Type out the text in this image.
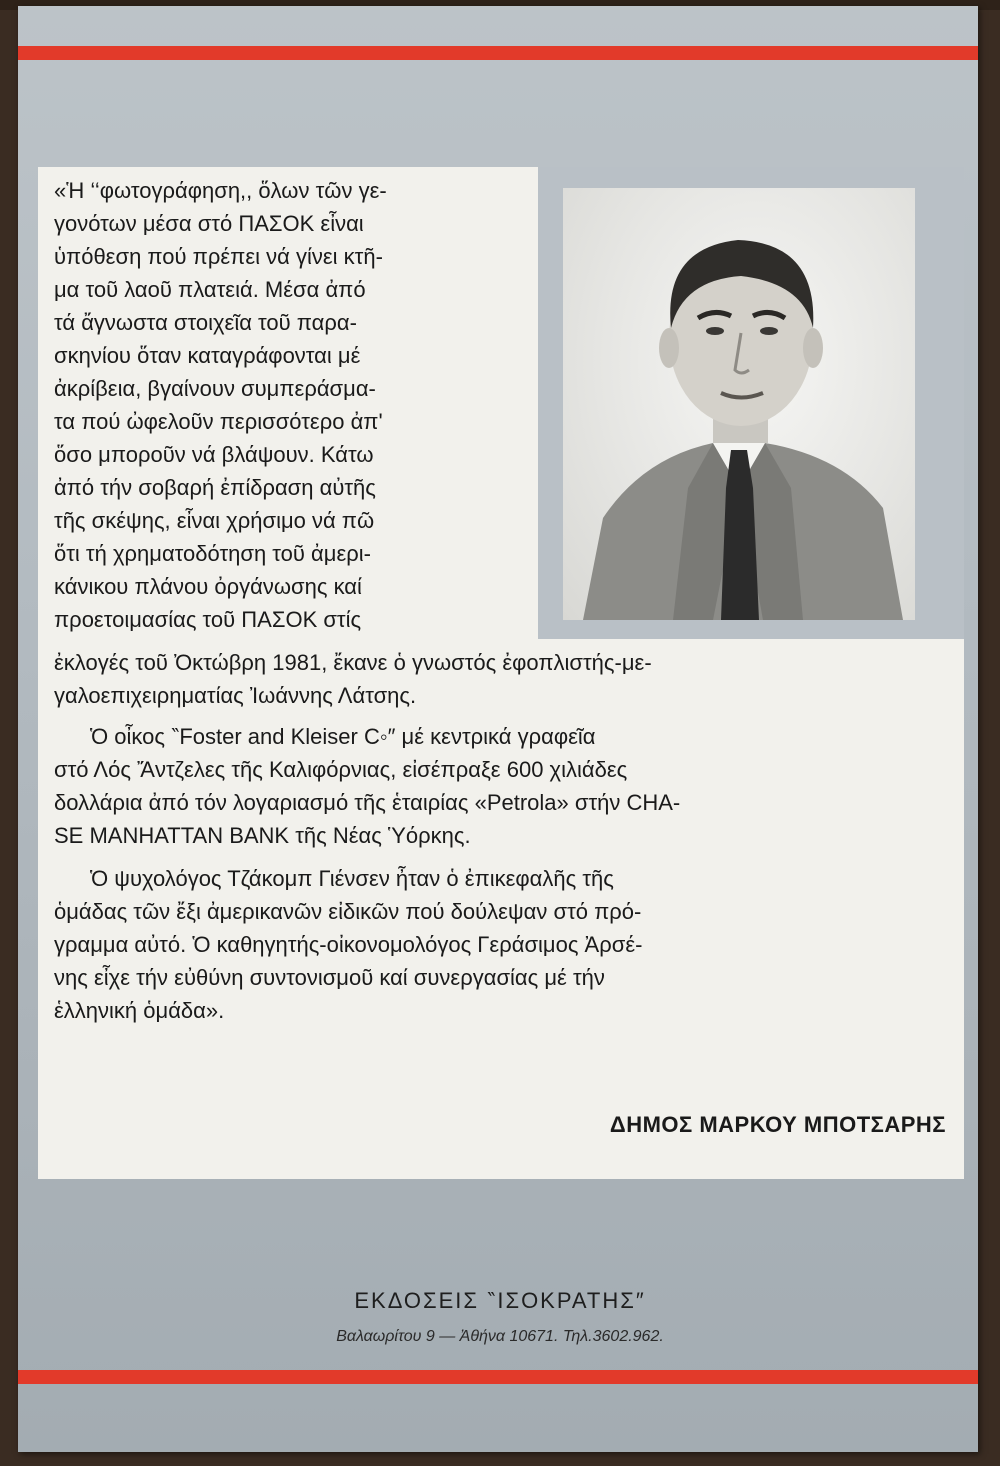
«Ἡ ‘‘φωτογράφηση,, ὅλων τῶν γε-
γονότων μέσα στό ΠΑΣΟΚ εἶναι
ὑπόθεση πού πρέπει νά γίνει κτῆ-
μα τοῦ λαοῦ πλατειά. Μέσα ἀπό
τά ἄγνωστα στοιχεῖα τοῦ παρα-
σκηνίου ὅταν καταγράφονται μέ
ἀκρίβεια, βγαίνουν συμπεράσμα-
τα πού ὠφελοῦν περισσότερο ἀπ'
ὅσο μποροῦν νά βλάψουν. Κάτω
ἀπό τήν σοβαρή ἐπίδραση αὐτῆς
τῆς σκέψης, εἶναι χρήσιμο νά πῶ
ὅτι τή χρηματοδότηση τοῦ ἀμερι-
κάνικου πλάνου ὀργάνωσης καί
προετοιμασίας τοῦ ΠΑΣΟΚ στίς
ἐκλογές τοῦ Ὀκτώβρη 1981, ἔκανε ὁ γνωστός ἐφοπλιστής-με-
γαλοεπιχειρηματίας Ἰωάννης Λάτσης.
Ὁ οἶκος ‶Foster and Kleiser C◦″ μέ κεντρικά γραφεῖα
στό Λός Ἄντζελες τῆς Καλιφόρνιας, εἰσέπραξε 600 χιλιάδες
δολλάρια ἀπό τόν λογαριασμό τῆς ἑταιρίας «Petrola» στήν CHA-
SE MANHATTAN BANK τῆς Νέας Ὑόρκης.
Ὁ ψυχολόγος Τζάκομπ Γιένσεν ἦταν ὁ ἐπικεφαλῆς τῆς
ὁμάδας τῶν ἔξι ἀμερικανῶν εἰδικῶν πού δούλεψαν στό πρό-
γραμμα αὐτό. Ὁ καθηγητής-οἰκονομολόγος Γεράσιμος Ἀρσέ-
νης εἶχε τήν εὐθύνη συντονισμοῦ καί συνεργασίας μέ τήν
ἑλληνική ὁμάδα».
ΔΗΜΟΣ ΜΑΡΚΟΥ ΜΠΟΤΣΑΡΗΣ
ΕΚΔΟΣΕΙΣ ‶ΙΣΟΚΡΑΤΗΣ″
Βαλαωρίτου 9 — Ἀθήνα 10671. Τηλ.3602.962.
